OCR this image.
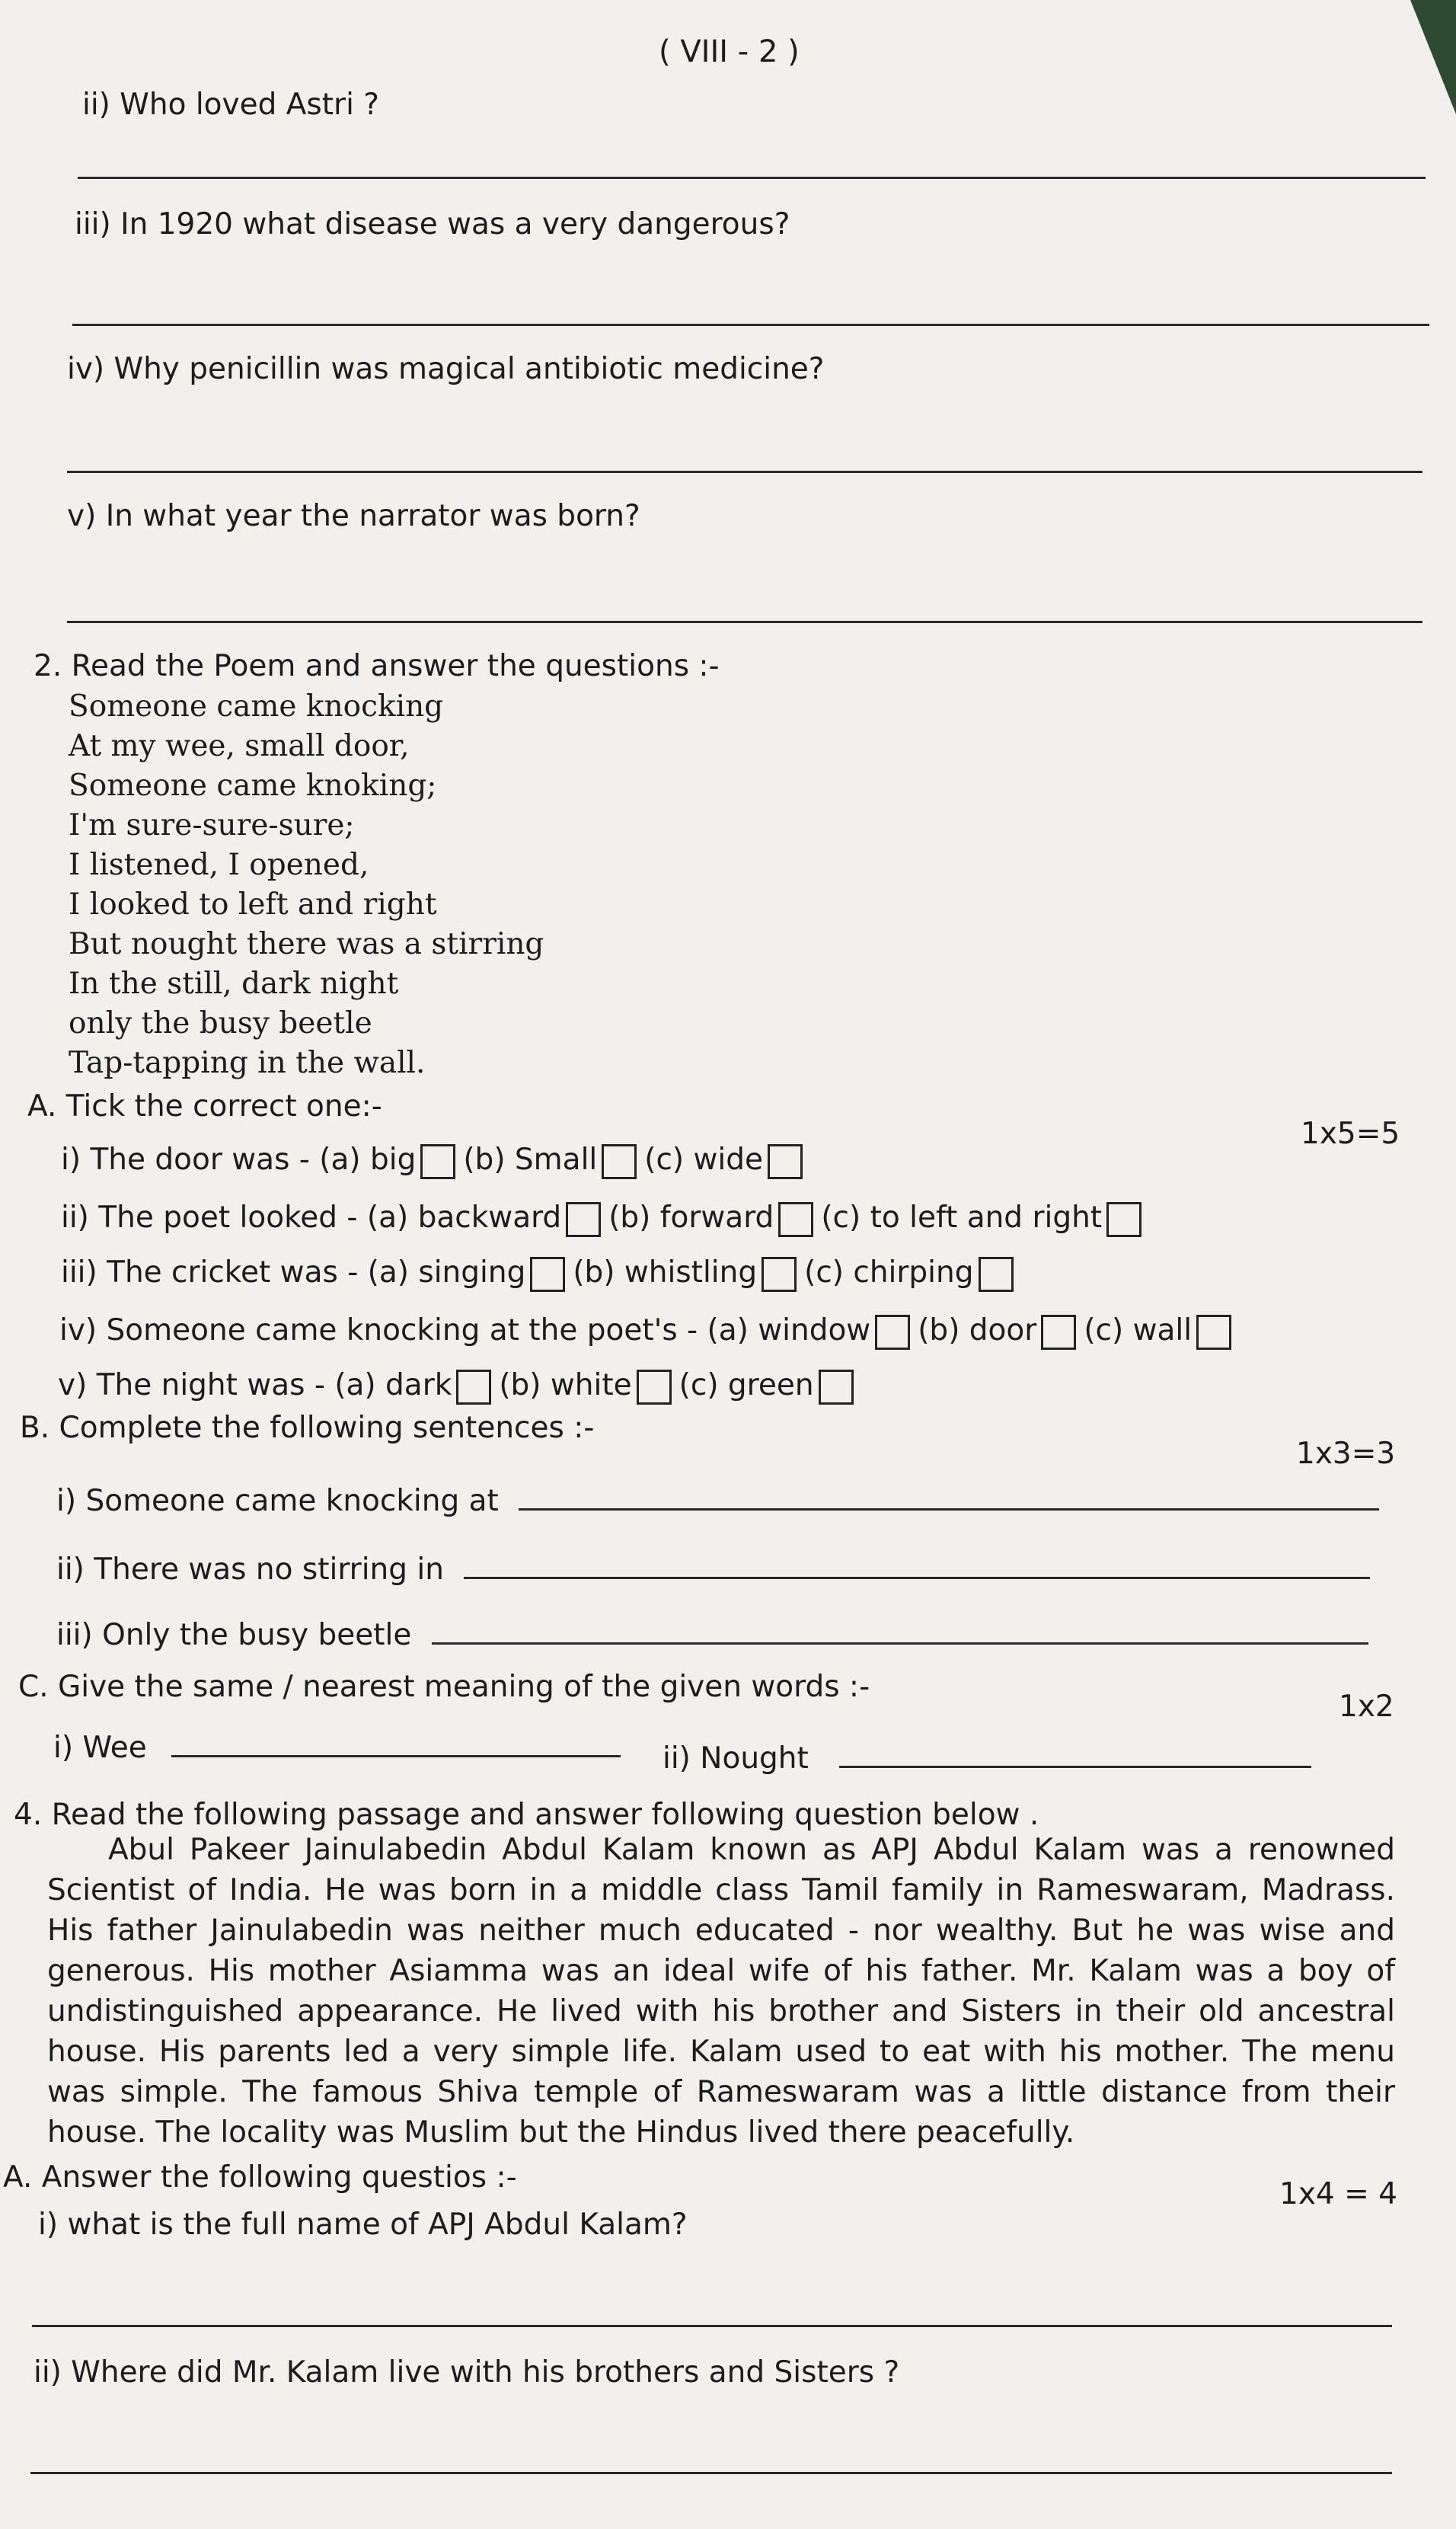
( VIII - 2 )
ii) Who loved Astri ?
iii) In 1920 what disease was a very dangerous?
iv) Why penicillin was magical antibiotic medicine?
v) In what year the narrator was born?
2. Read the Poem and answer the questions :-
Someone came knocking
At my wee, small door,
Someone came knoking;
I'm sure-sure-sure;
I listened, I opened,
I looked to left and right
But nought there was a stirring
In the still, dark night
only the busy beetle
Tap-tapping in the wall.
A. Tick the correct one:-
1x5=5
i) The door was - (a) big (b) Small (c) wide
ii) The poet looked - (a) backward (b) forward (c) to left and right
iii) The cricket was - (a) singing (b) whistling (c) chirping
iv) Someone came knocking at the poet's - (a) window (b) door (c) wall
v) The night was - (a) dark (b) white (c) green
B. Complete the following sentences :-
1x3=3
i) Someone came knocking at
ii) There was no stirring in
iii) Only the busy beetle
C. Give the same / nearest meaning of the given words :-
1x2
i) Wee	ii) Nought
4. Read the following passage and answer following question below .

Abul Pakeer Jainulabedin Abdul Kalam known as APJ Abdul Kalam was a renowned Scientist of India. He was born in a middle class Tamil family in Rameswaram, Madrass. His father Jainulabedin was neither much educated - nor wealthy. But he was wise and generous. His mother Asiamma was an ideal wife of his father. Mr. Kalam was a boy of undistinguished appearance. He lived with his brother and Sisters in their old ancestral house. His parents led a very simple life. Kalam used to eat with his mother. The menu was simple. The famous Shiva temple of Rameswaram was a little distance from their house. The locality was Muslim but the Hindus lived there peacefully.

A. Answer the following questios :-	1x4 = 4
i) what is the full name of APJ Abdul Kalam?
ii) Where did Mr. Kalam live with his brothers and Sisters ?
